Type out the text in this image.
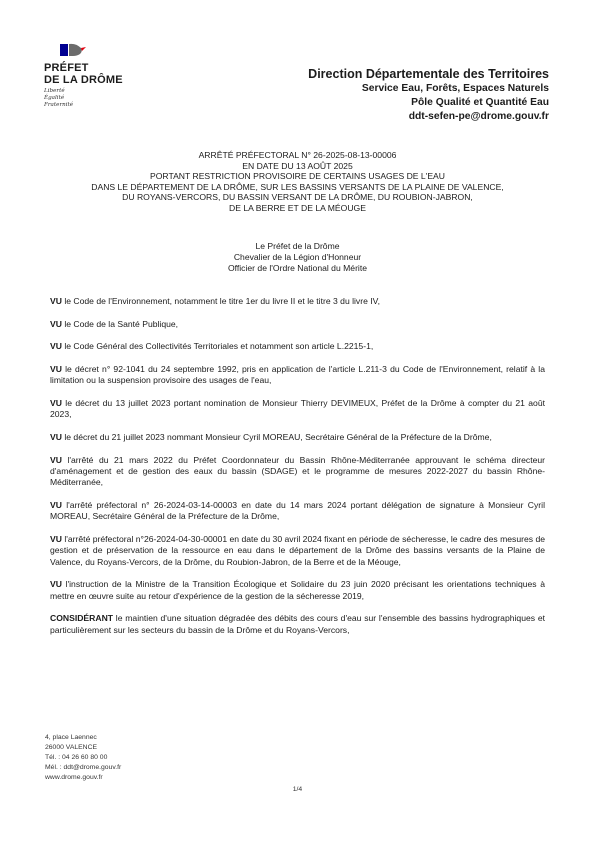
PRÉFET
DE LA DRÔME
Liberté
Égalité
Fraternité
Direction Départementale des Territoires
Service Eau, Forêts, Espaces Naturels
Pôle Qualité et Quantité Eau
ddt-sefen-pe@drome.gouv.fr
ARRÊTÉ PRÉFECTORAL N° 26-2025-08-13-00006
EN DATE DU 13 AOÛT 2025
PORTANT RESTRICTION PROVISOIRE DE CERTAINS USAGES DE L'EAU
DANS LE DÉPARTEMENT DE LA DRÔME, SUR LES BASSINS VERSANTS DE LA PLAINE DE VALENCE,
DU ROYANS-VERCORS, DU BASSIN VERSANT DE LA DRÔME, DU ROUBION-JABRON,
DE LA BERRE ET DE LA MÉOUGE
Le Préfet de la Drôme
Chevalier de la Légion d'Honneur
Officier de l'Ordre National du Mérite

VU le Code de l'Environnement, notamment le titre 1er du livre II et le titre 3 du livre IV,

VU le Code de la Santé Publique,

VU le Code Général des Collectivités Territoriales et notamment son article L.2215-1,

VU le décret n° 92-1041 du 24 septembre 1992, pris en application de l'article L.211-3 du Code de l'Environnement, relatif à la limitation ou la suspension provisoire des usages de l'eau,

VU le décret du 13 juillet 2023 portant nomination de Monsieur Thierry DEVIMEUX, Préfet de la Drôme à compter du 21 août 2023,

VU le décret du 21 juillet 2023 nommant Monsieur Cyril MOREAU, Secrétaire Général de la Préfecture de la Drôme,

VU l'arrêté du 21 mars 2022 du Préfet Coordonnateur du Bassin Rhône-Méditerranée approuvant le schéma directeur d'aménagement et de gestion des eaux du bassin (SDAGE) et le programme de mesures 2022-2027 du bassin Rhône-Méditerranée,

VU l'arrêté préfectoral n° 26-2024-03-14-00003 en date du 14 mars 2024 portant délégation de signature à Monsieur Cyril MOREAU, Secrétaire Général de la Préfecture de la Drôme,

VU l'arrêté préfectoral n°26-2024-04-30-00001 en date du 30 avril 2024 fixant en période de sécheresse, le cadre des mesures de gestion et de préservation de la ressource en eau dans le département de la Drôme des bassins versants de la Plaine de Valence, du Royans-Vercors, de la Drôme, du Roubion-Jabron, de la Berre et de la Méouge,

VU l'instruction de la Ministre de la Transition Écologique et Solidaire du 23 juin 2020 précisant les orientations techniques à mettre en œuvre suite au retour d'expérience de la gestion de la sécheresse 2019,

CONSIDÉRANT le maintien d'une situation dégradée des débits des cours d'eau sur l'ensemble des bassins hydrographiques et particulièrement sur les secteurs du bassin de la Drôme et du Royans-Vercors,

4, place Laennec
26000 VALENCE
Tél. : 04 26 60 80 00
Mél. : ddt@drome.gouv.fr
www.drome.gouv.fr
1/4
